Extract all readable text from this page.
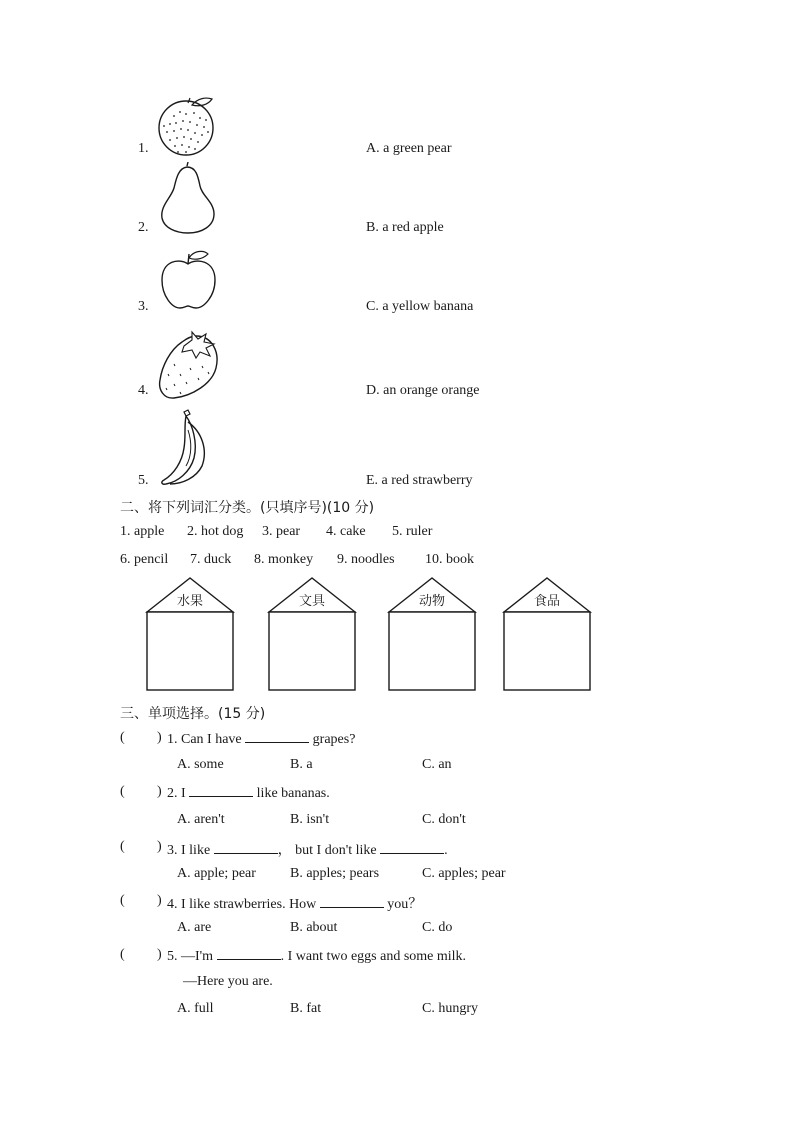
1.	A. a green pear
2.	B. a red apple
3.	C. a yellow banana
4.	D. an orange orange
5.	E. a red strawberry
二、将下列词汇分类。(只填序号)(10 分)
1. apple 2. hot dog 3. pear 4. cake 5. ruler
6. pencil 7. duck 8. monkey 9. noodles 10. book
水果	文具	动物	食品
三、单项选择。(15 分)
( ) 1. Can I have	grapes?
A. some	B. a	C. an
( ) 2. I	like bananas.
A. aren't	B. isn't	C. don't
( ) 3. I like	， but I don't like	.
A. apple; pear B. apples; pears	C. apples; pear
( ) 4. I like strawberries. How	you？
A. are	B. about	C. do
( ) 5. —I'm	. I want two eggs and some milk.
—Here you are.
A. full	B. fat	C. hungry
